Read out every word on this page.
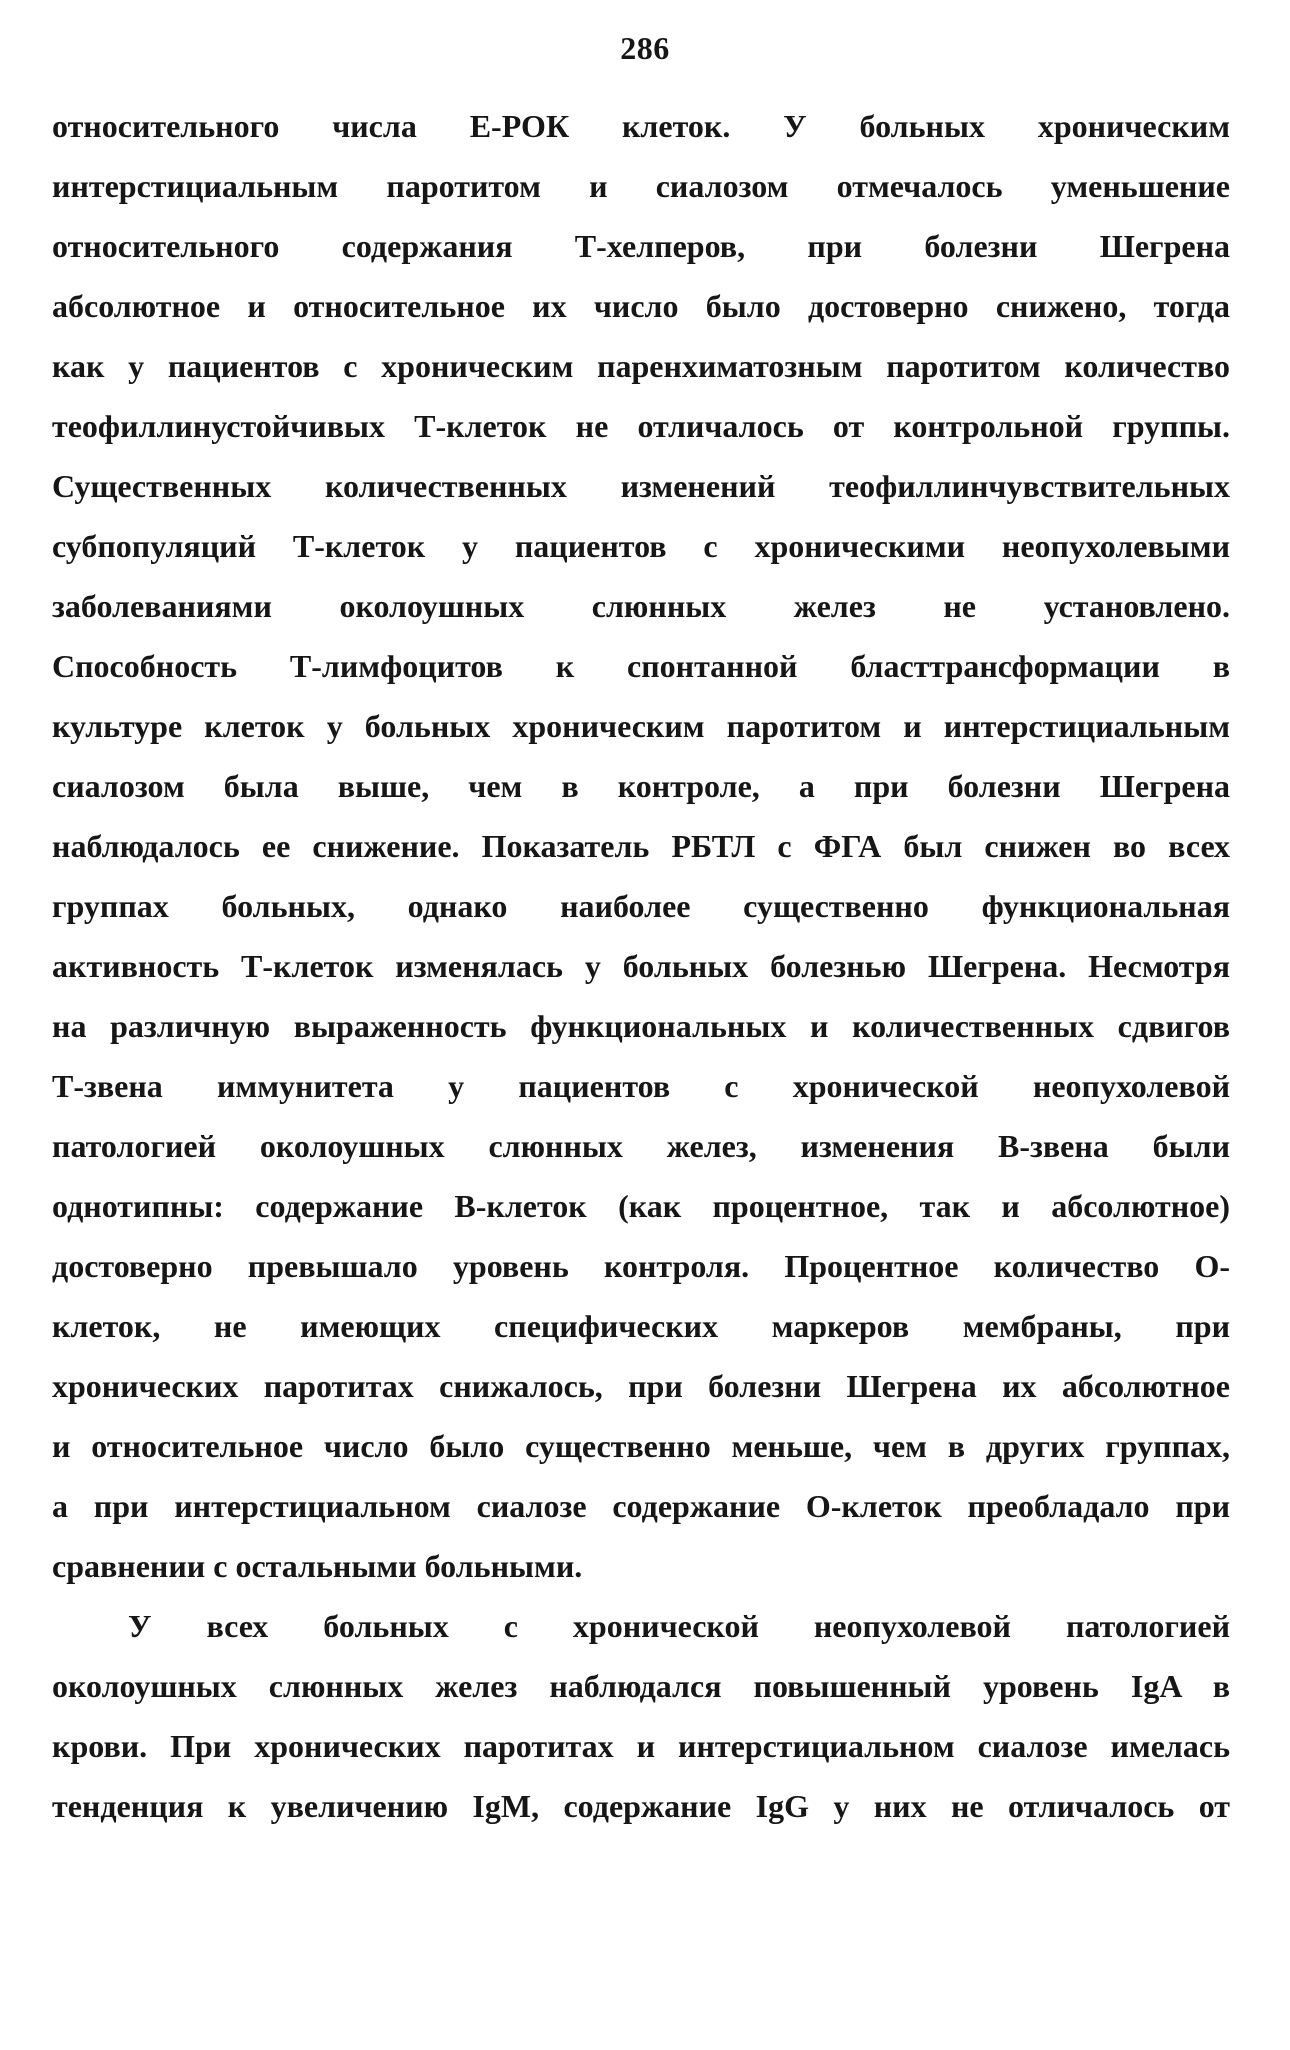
286
относительного числа Е-РОК клеток. У больных хроническим
интерстициальным паротитом и сиалозом отмечалось уменьшение
относительного содержания Т-хелперов, при болезни Шегрена
абсолютное и относительное их число было достоверно снижено, тогда
как у пациентов с хроническим паренхиматозным паротитом количество
теофиллинустойчивых Т-клеток не отличалось от контрольной группы.
Существенных количественных изменений теофиллинчувствительных
субпопуляций Т-клеток у пациентов с хроническими неопухолевыми
заболеваниями околоушных слюнных желез не установлено.
Способность Т-лимфоцитов к спонтанной бласттрансформации в
культуре клеток у больных хроническим паротитом и интерстициальным
сиалозом была выше, чем в контроле, а при болезни Шегрена
наблюдалось ее снижение. Показатель РБТЛ с ФГА был снижен во всех
группах больных, однако наиболее существенно функциональная
активность Т-клеток изменялась у больных болезнью Шегрена. Несмотря
на различную выраженность функциональных и количественных сдвигов
Т-звена иммунитета у пациентов с хронической неопухолевой
патологией околоушных слюнных желез, изменения В-звена были
однотипны: содержание В-клеток (как процентное, так и абсолютное)
достоверно превышало уровень контроля. Процентное количество О-
клеток, не имеющих специфических маркеров мембраны, при
хронических паротитах снижалось, при болезни Шегрена их абсолютное
и относительное число было существенно меньше, чем в других группах,
а при интерстициальном сиалозе содержание О-клеток преобладало при
сравнении с остальными больными.
У всех больных с хронической неопухолевой патологией
околоушных слюнных желез наблюдался повышенный уровень IgA в
крови. При хронических паротитах и интерстициальном сиалозе имелась
тенденция к увеличению IgM, содержание IgG у них не отличалось от
